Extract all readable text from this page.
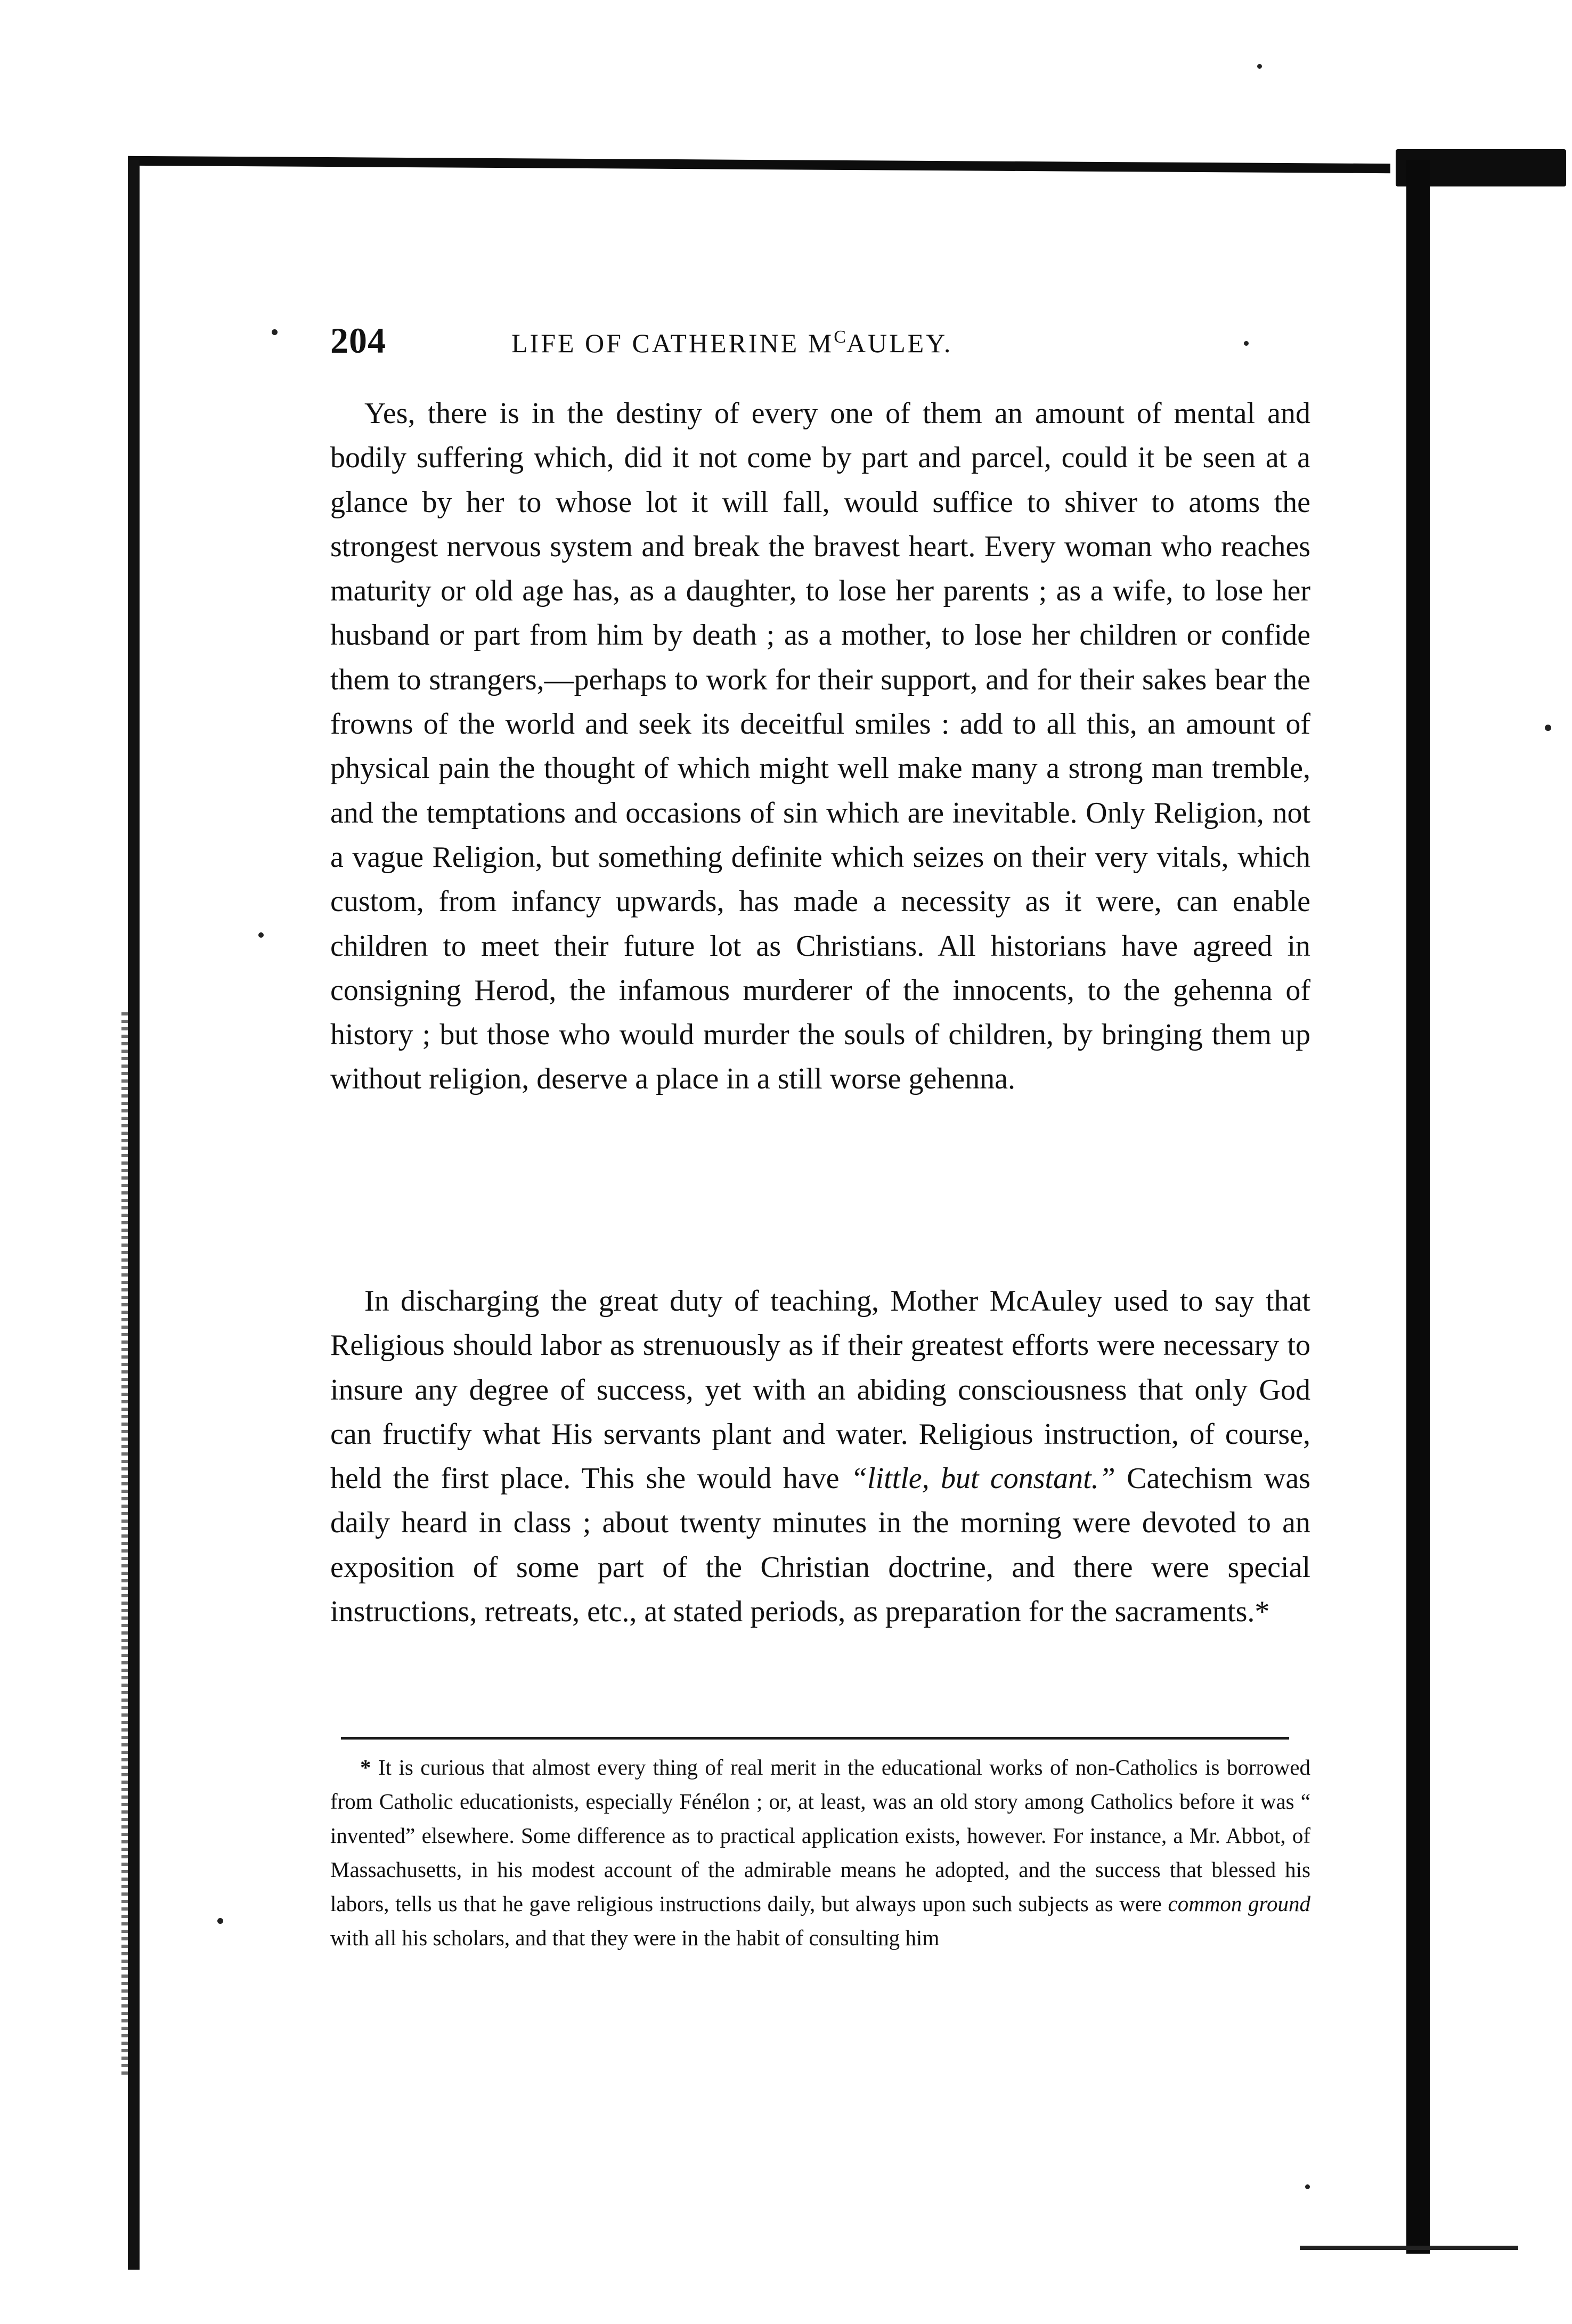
204	LIFE OF CATHERINE $M^CAULEY$.

Yes, there is in the destiny of every one of them an amount of mental and bodily suffering which, did it not come by part and parcel, could it be seen at a glance by her to whose lot it will fall, would suffice to shiver to atoms the strongest nervous system and break the bravest heart. Every woman who reaches maturity or old age has, as a daughter, to lose her parents ; as a wife, to lose her husband or part from him by death ; as a mother, to lose her children or confide them to strangers,—perhaps to work for their support, and for their sakes bear the frowns of the world and seek its deceitful smiles : add to all this, an amount of physical pain the thought of which might well make many a strong man tremble, and the temptations and occasions of sin which are inevitable. Only Religion, not a vague Religion, but something definite which seizes on their very vitals, which custom, from infancy upwards, has made a necessity as it were, can enable children to meet their future lot as Christians. All historians have agreed in consigning Herod, the infamous murderer of the innocents, to the gehenna of history ; but those who would murder the souls of children, by bringing them up without religion, deserve a place in a still worse gehenna.

In discharging the great duty of teaching, Mother McAuley used to say that Religious should labor as strenuously as if their greatest efforts were necessary to insure any degree of success, yet with an abiding consciousness that only God can fructify what His servants plant and water. Religious instruction, of course, held the first place. This she would have “little, but constant.” Catechism was daily heard in class ; about twenty minutes in the morning were devoted to an exposition of some part of the Christian doctrine, and there were special instructions, retreats, etc., at stated periods, as preparation for the sacraments.*

* It is curious that almost every thing of real merit in the educational works of non-Catholics is borrowed from Catholic educationists, especially Fénélon ; or, at least, was an old story among Catholics before it was “ invented” elsewhere. Some difference as to practical application exists, however. For instance, a Mr. Abbot, of Massachusetts, in his modest account of the admirable means he adopted, and the success that blessed his labors, tells us that he gave religious instructions daily, but always upon such subjects as were common ground with all his scholars, and that they were in the habit of consulting him
